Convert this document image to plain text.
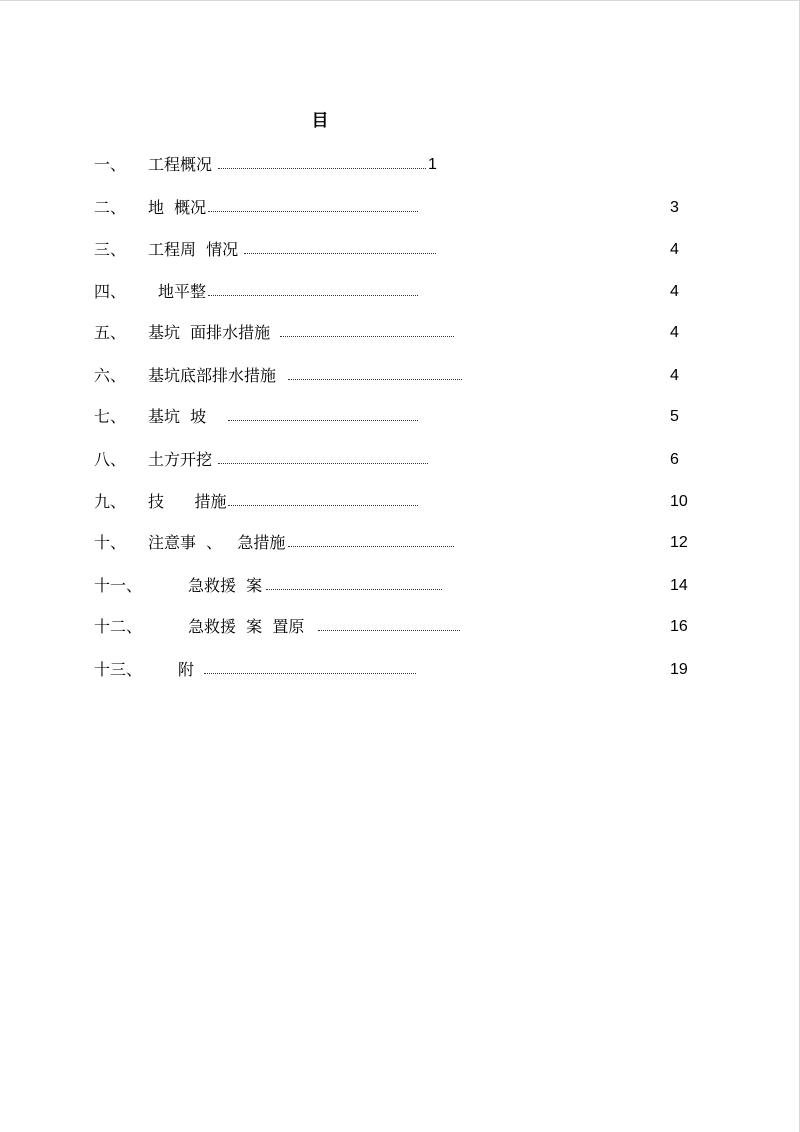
目
一、 工程概况	1
二、 地  概况	3
三、 工程周  情况	4
四、 地平整	4
五、 基坑  面排水措施	4
六、 基坑底部排水措施	4
七、 基坑  坡	5
八、 土方开挖	6
九、 技      措施	10
十、 注意事  、   急措施	12
十一、	急救援  案	14
十二、	急救援  案  置原	16
十三、 附	19
